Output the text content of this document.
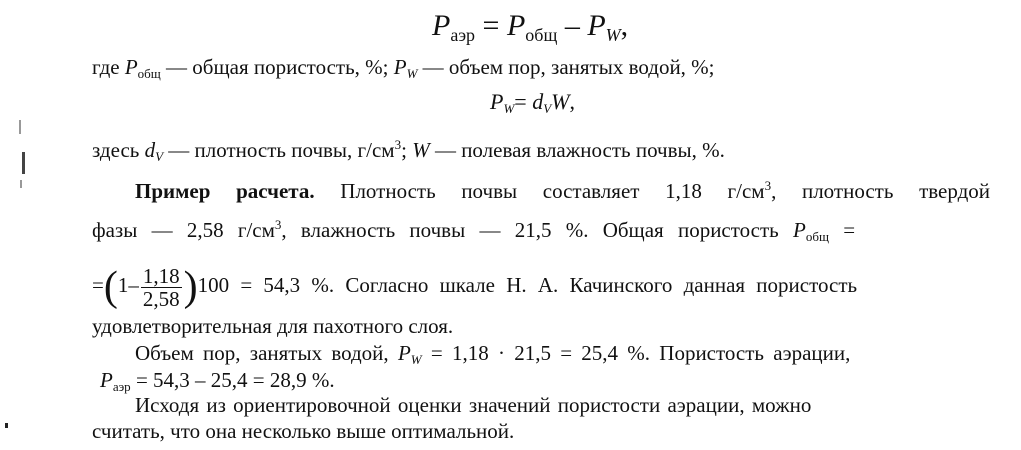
$P_{аэр} = P_{общ} - P_W$,
где $P_{общ}$ — общая пористость, %; $P_W$ — объем пор, занятых водой, %;
$P_W= d_VW$,
здесь $d_V$ — плотность почвы, $г/см^3$; W — полевая влажность почвы, %.
Пример расчета. Плотность почвы составляет 1,18 $г/см^3$, плотность твердой
фазы — 2,58 $г/см^3$, влажность почвы — 21,5 %. Общая пористость $P_{общ}$ =
$=(1- \frac{1,18}{2,58} )100 = 54,3$ %. Согласно шкале Н. А. Качинского данная пористость
удовлетворительная для пахотного слоя.
Объем пор, занятых водой, $P_W = 1,18 \cdot 21,5 = 25,4$ %. Пористость аэрации,
$P_{аэр} = 54,3 - 25,4 = 28,9$ %.
Исходя из ориентировочной оценки значений пористости аэрации, можно
считать, что она несколько выше оптимальной.
